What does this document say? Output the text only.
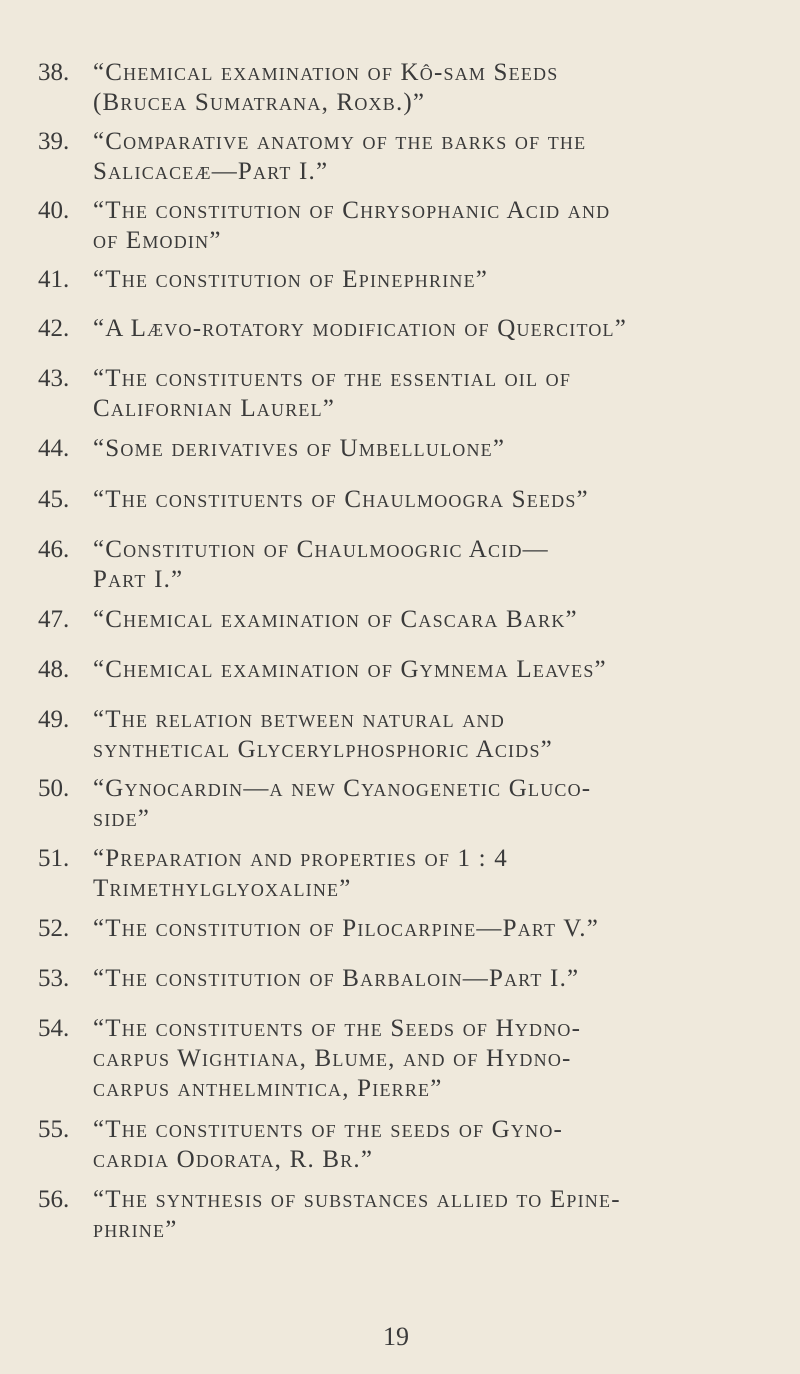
38. “Chemical examination of Kô-sam Seeds
(Brucea Sumatrana, Roxb.)”
39. “Comparative anatomy of the barks of the
Salicaceæ—Part I.”
40. “The constitution of Chrysophanic Acid and
of Emodin”
41. “The constitution of Epinephrine”
42. “A Lævo-rotatory modification of Quercitol”
43. “The constituents of the essential oil of
Californian Laurel”
44. “Some derivatives of Umbellulone”
45. “The constituents of Chaulmoogra Seeds”
46. “Constitution of Chaulmoogric Acid—
Part I.”
47. “Chemical examination of Cascara Bark”
48. “Chemical examination of Gymnema Leaves”
49. “The relation between natural and
synthetical Glycerylphosphoric Acids”
50. “Gynocardin—a new Cyanogenetic Gluco-
side”
51. “Preparation and properties of 1 : 4
Trimethylglyoxaline”
52. “The constitution of Pilocarpine—Part V.”
53. “The constitution of Barbaloin—Part I.”
54. “The constituents of the Seeds of Hydno-
carpus Wightiana, Blume, and of Hydno-
carpus anthelmintica, Pierre”
55. “The constituents of the seeds of Gyno-
cardia Odorata, R. Br.”
56. “The synthesis of substances allied to Epine-
phrine”
19
